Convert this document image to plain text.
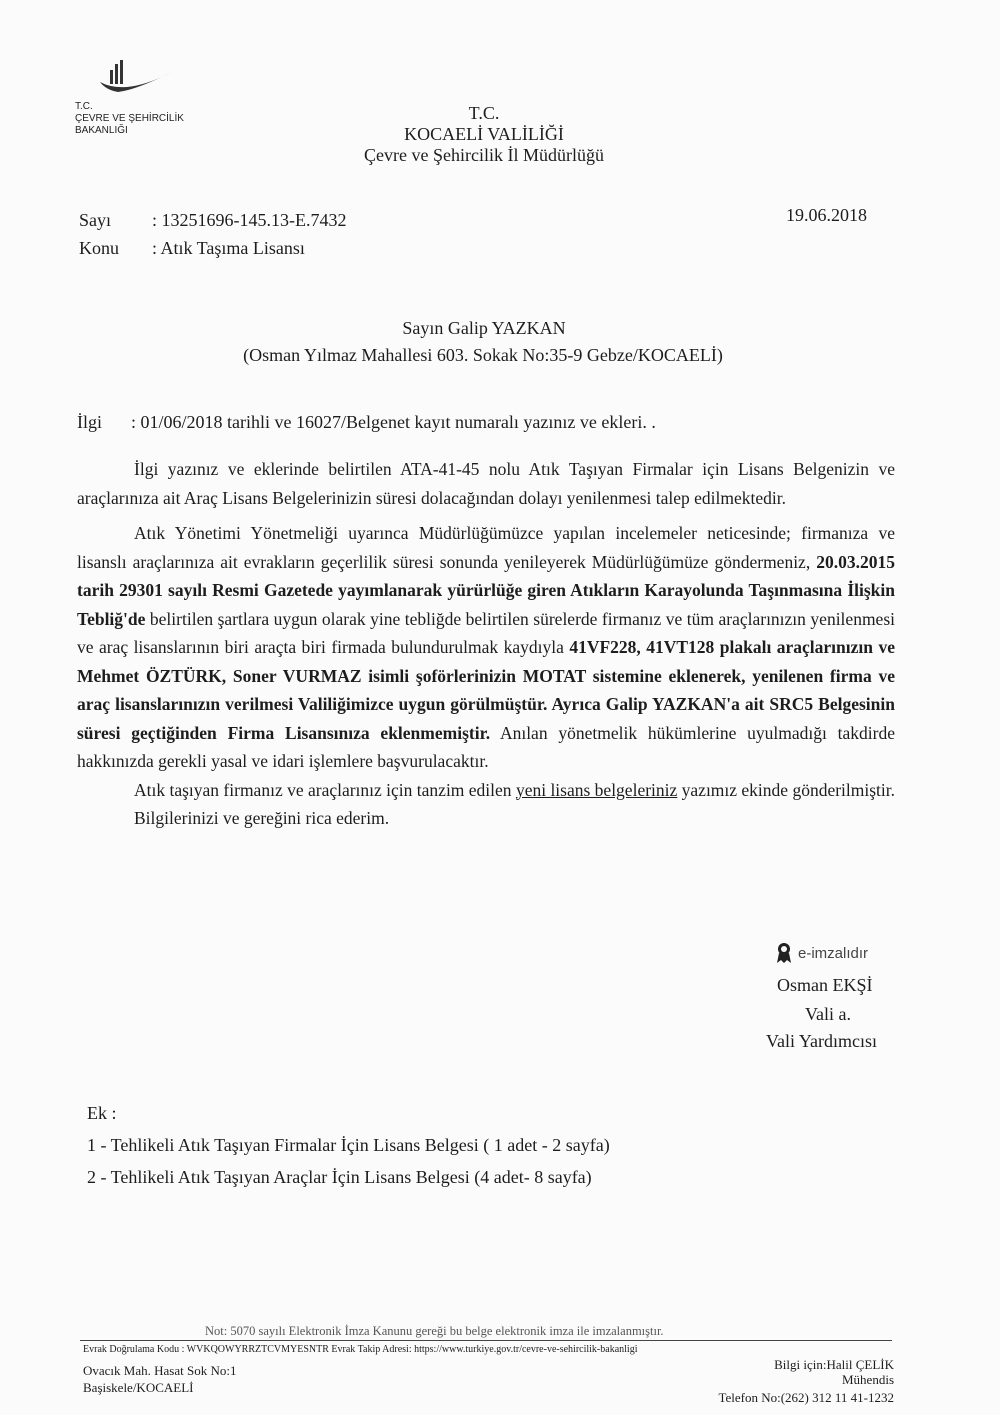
T.C.
ÇEVRE VE ŞEHİRCİLİK
BAKANLIĞI
T.C.
KOCAELİ VALİLİĞİ
Çevre ve Şehircilik İl Müdürlüğü
Sayı : 13251696-145.13-E.7432
Konu : Atık Taşıma Lisansı
19.06.2018
Sayın Galip YAZKAN
(Osman Yılmaz Mahallesi 603. Sokak No:35-9 Gebze/KOCAELİ)
İlgi : 01/06/2018 tarihli ve 16027/Belgenet kayıt numaralı yazınız ve ekleri. .

İlgi yazınız ve eklerinde belirtilen ATA-41-45 nolu Atık Taşıyan Firmalar için Lisans Belgenizin ve araçlarınıza ait Araç Lisans Belgelerinizin süresi dolacağından dolayı yenilenmesi talep edilmektedir.

Atık Yönetimi Yönetmeliği uyarınca Müdürlüğümüzce yapılan incelemeler neticesinde; firmanıza ve lisanslı araçlarınıza ait evrakların geçerlilik süresi sonunda yenileyerek Müdürlüğümüze göndermeniz, 20.03.2015 tarih 29301 sayılı Resmi Gazetede yayımlanarak yürürlüğe giren Atıkların Karayolunda Taşınmasına İlişkin Tebliğ'de belirtilen şartlara uygun olarak yine tebliğde belirtilen sürelerde firmanız ve tüm araçlarınızın yenilenmesi ve araç lisanslarının biri araçta biri firmada bulundurulmak kaydıyla 41VF228, 41VT128 plakalı araçlarınızın ve Mehmet ÖZTÜRK, Soner VURMAZ isimli şoförlerinizin MOTAT sistemine eklenerek, yenilenen firma ve araç lisanslarınızın verilmesi Valiliğimizce uygun görülmüştür. Ayrıca Galip YAZKAN'a ait SRC5 Belgesinin süresi geçtiğinden Firma Lisansınıza eklenmemiştir. Anılan yönetmelik hükümlerine uyulmadığı takdirde hakkınızda gerekli yasal ve idari işlemlere başvurulacaktır.

Atık taşıyan firmanız ve araçlarınız için tanzim edilen yeni lisans belgeleriniz yazımız ekinde gönderilmiştir.

Bilgilerinizi ve gereğini rica ederim.

e-imzalıdır
Osman EKŞİ
Vali a.
Vali Yardımcısı
Ek :
1 - Tehlikeli Atık Taşıyan Firmalar İçin Lisans Belgesi ( 1 adet - 2 sayfa)
2 - Tehlikeli Atık Taşıyan Araçlar İçin Lisans Belgesi (4 adet- 8 sayfa)
Not: 5070 sayılı Elektronik İmza Kanunu gereği bu belge elektronik imza ile imzalanmıştır.
Evrak Doğrulama Kodu : WVKQOWYRRZTCVMYESNTR Evrak Takip Adresi: https://www.turkiye.gov.tr/cevre-ve-sehircilik-bakanligi
Ovacık Mah. Hasat Sok No:1
Başiskele/KOCAELİ
Bilgi için:Halil ÇELİK
Mühendis
Telefon No:(262) 312 11 41-1232
